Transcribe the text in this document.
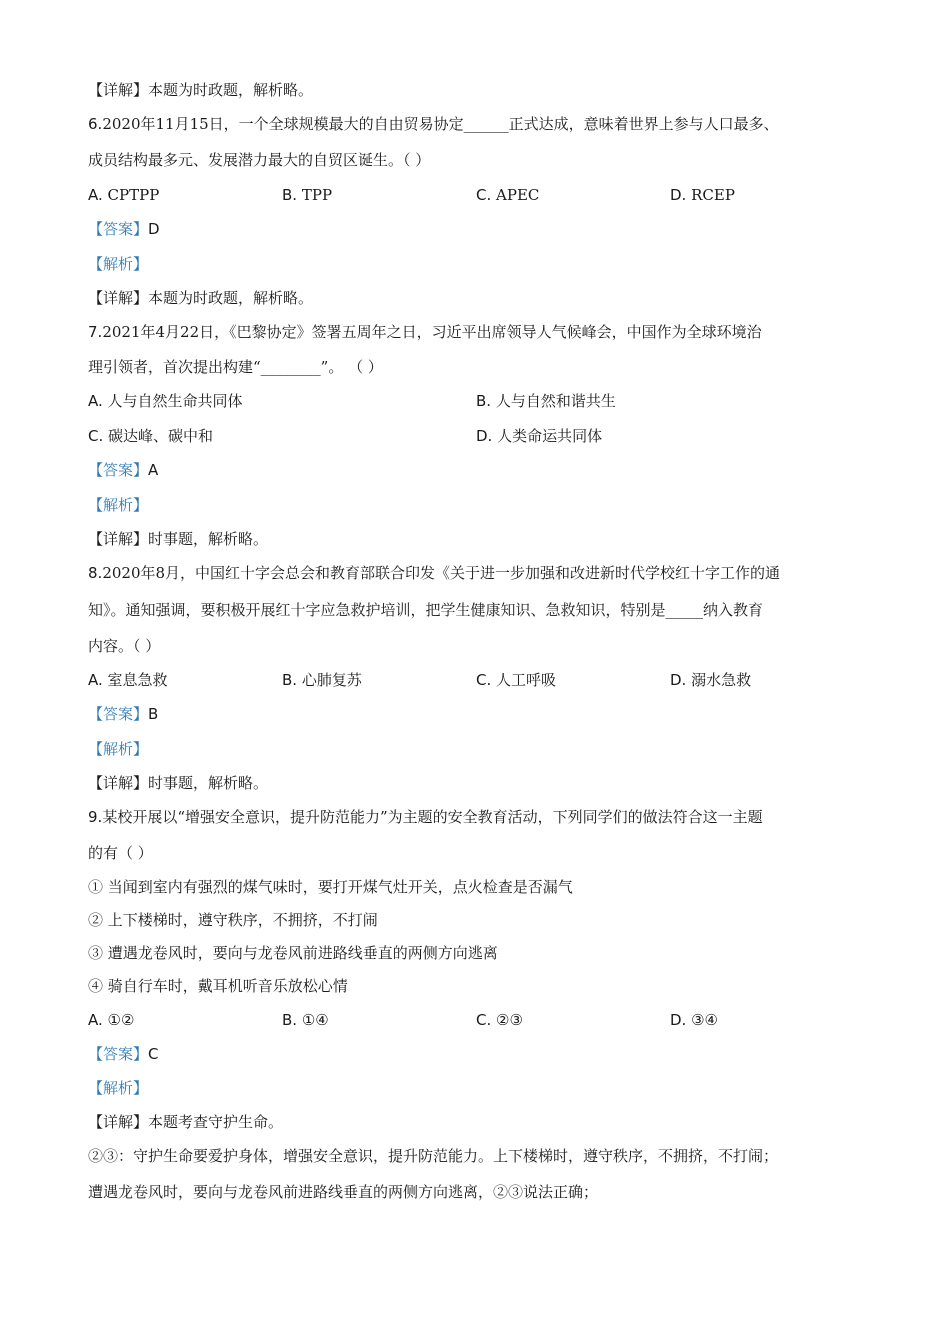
【详解】本题为时政题，解析略。
6.2020年11月15日，一个全球规模最大的自由贸易协定______正式达成，意味着世界上参与人口最多、
成员结构最多元、发展潜力最大的自贸区诞生。（ ）
A. CPTPP	B. TPP	C. APEC	D. RCEP
【答案】D
【解析】
【详解】本题为时政题，解析略。
7.2021年4月22日，《巴黎协定》签署五周年之日，习近平出席领导人气候峰会，中国作为全球环境治
理引领者，首次提出构建“________”。 （ ）
A. 人与自然生命共同体	B. 人与自然和谐共生
C. 碳达峰、碳中和	D. 人类命运共同体
【答案】A
【解析】
【详解】时事题，解析略。
8.2020年8月，中国红十字会总会和教育部联合印发《关于进一步加强和改进新时代学校红十字工作的通
知》。通知强调，要积极开展红十字应急救护培训，把学生健康知识、急救知识，特别是_____纳入教育
内容。（ ）
A. 室息急救	B. 心肺复苏	C. 人工呼吸	D. 溺水急救
【答案】B
【解析】
【详解】时事题，解析略。
9.某校开展以“增强安全意识，提升防范能力”为主题的安全教育活动，下列同学们的做法符合这一主题
的有（ ）
① 当闻到室内有强烈的煤气味时，要打开煤气灶开关，点火检查是否漏气
② 上下楼梯时，遵守秩序，不拥挤，不打闹
③ 遭遇龙卷风时，要向与龙卷风前进路线垂直的两侧方向逃离
④ 骑自行车时，戴耳机听音乐放松心情
A. ①②	B. ①④	C. ②③	D. ③④
【答案】C
【解析】
【详解】本题考查守护生命。
②③：守护生命要爱护身体，增强安全意识，提升防范能力。上下楼梯时，遵守秩序，不拥挤，不打闹；
遭遇龙卷风时，要向与龙卷风前进路线垂直的两侧方向逃离，②③说法正确；
